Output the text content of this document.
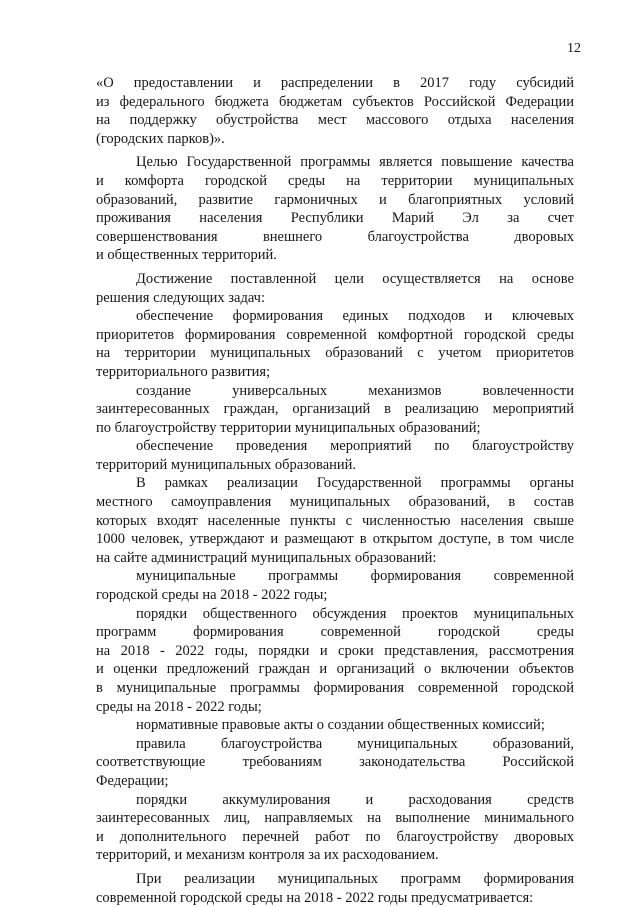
12

«О предоставлении и распределении в 2017 году субсидий

из федерального бюджета бюджетам субъектов Российской Федерации

на поддержку обустройства мест массового отдыха населения

(городских парков)».

Целью Государственной программы является повышение качества

и комфорта городской среды на территории муниципальных

образований, развитие гармоничных и благоприятных условий

проживания населения Республики Марий Эл за счет

совершенствования внешнего благоустройства дворовых

и общественных территорий.

Достижение поставленной цели осуществляется на основе

решения следующих задач:

обеспечение формирования единых подходов и ключевых

приоритетов формирования современной комфортной городской среды

на территории муниципальных образований с учетом приоритетов

территориального развития;

создание универсальных механизмов вовлеченности

заинтересованных граждан, организаций в реализацию мероприятий

по благоустройству территории муниципальных образований;

обеспечение проведения мероприятий по благоустройству

территорий муниципальных образований.

В рамках реализации Государственной программы органы

местного самоуправления муниципальных образований, в состав

которых входят населенные пункты с численностью населения свыше

1000 человек, утверждают и размещают в открытом доступе, в том числе

на сайте администраций муниципальных образований:

муниципальные программы формирования современной

городской среды на 2018 - 2022 годы;

порядки общественного обсуждения проектов муниципальных

программ формирования современной городской среды

на 2018 - 2022 годы, порядки и сроки представления, рассмотрения

и оценки предложений граждан и организаций о включении объектов

в муниципальные программы формирования современной городской

среды на 2018 - 2022 годы;

нормативные правовые акты о создании общественных комиссий;

правила благоустройства муниципальных образований,

соответствующие требованиям законодательства Российской

Федерации;

порядки аккумулирования и расходования средств

заинтересованных лиц, направляемых на выполнение минимального

и дополнительного перечней работ по благоустройству дворовых

территорий, и механизм контроля за их расходованием.

При реализации муниципальных программ формирования

современной городской среды на 2018 - 2022 годы предусматривается:
